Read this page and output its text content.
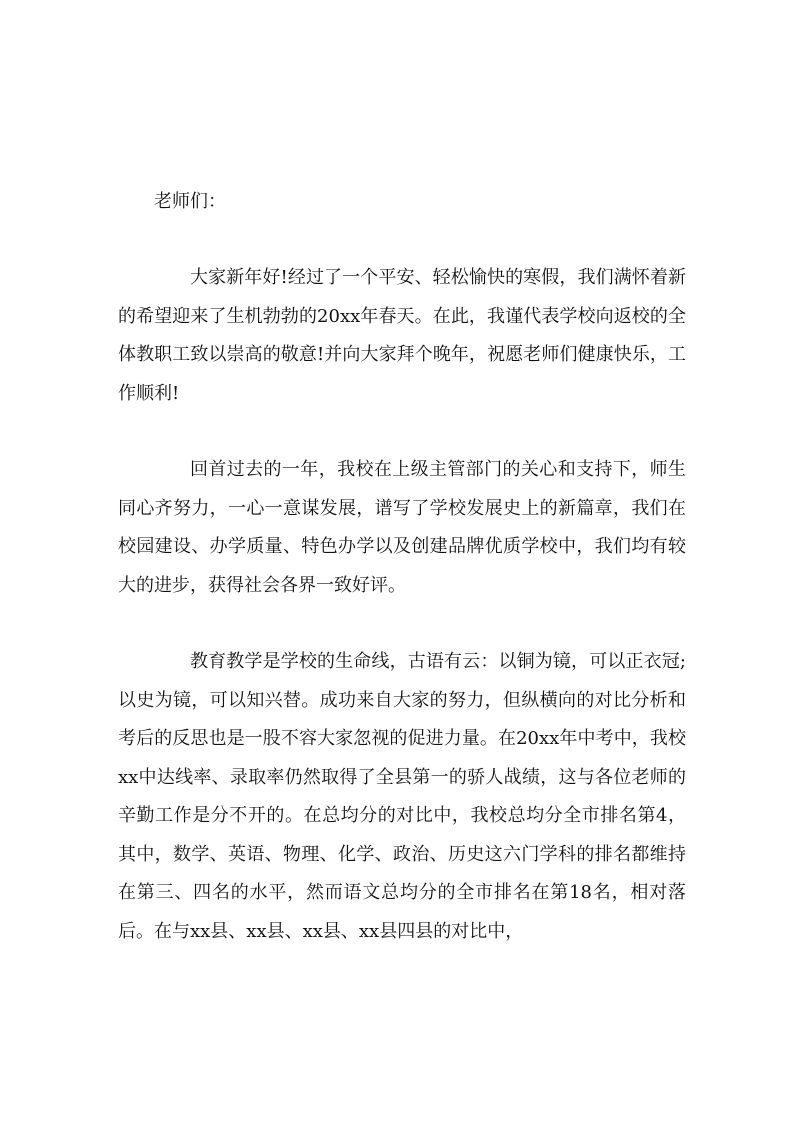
老师们：

大家新年好!经过了一个平安、轻松愉快的寒假，我们满怀着新的希望迎来了生机勃勃的20xx年春天。在此，我谨代表学校向返校的全体教职工致以崇高的敬意!并向大家拜个晚年，祝愿老师们健康快乐，工作顺利!

回首过去的一年，我校在上级主管部门的关心和支持下，师生同心齐努力，一心一意谋发展，谱写了学校发展史上的新篇章，我们在校园建设、办学质量、特色办学以及创建品牌优质学校中，我们均有较大的进步，获得社会各界一致好评。

教育教学是学校的生命线，古语有云：以铜为镜，可以正衣冠;以史为镜，可以知兴替。成功来自大家的努力，但纵横向的对比分析和考后的反思也是一股不容大家忽视的促进力量。在20xx年中考中，我校xx中达线率、录取率仍然取得了全县第一的骄人战绩，这与各位老师的辛勤工作是分不开的。在总均分的对比中，我校总均分全市排名第4，其中，数学、英语、物理、化学、政治、历史这六门学科的排名都维持在第三、四名的水平，然而语文总均分的全市排名在第18名，相对落后。在与xx县、xx县、xx县、xx县四县的对比中，
